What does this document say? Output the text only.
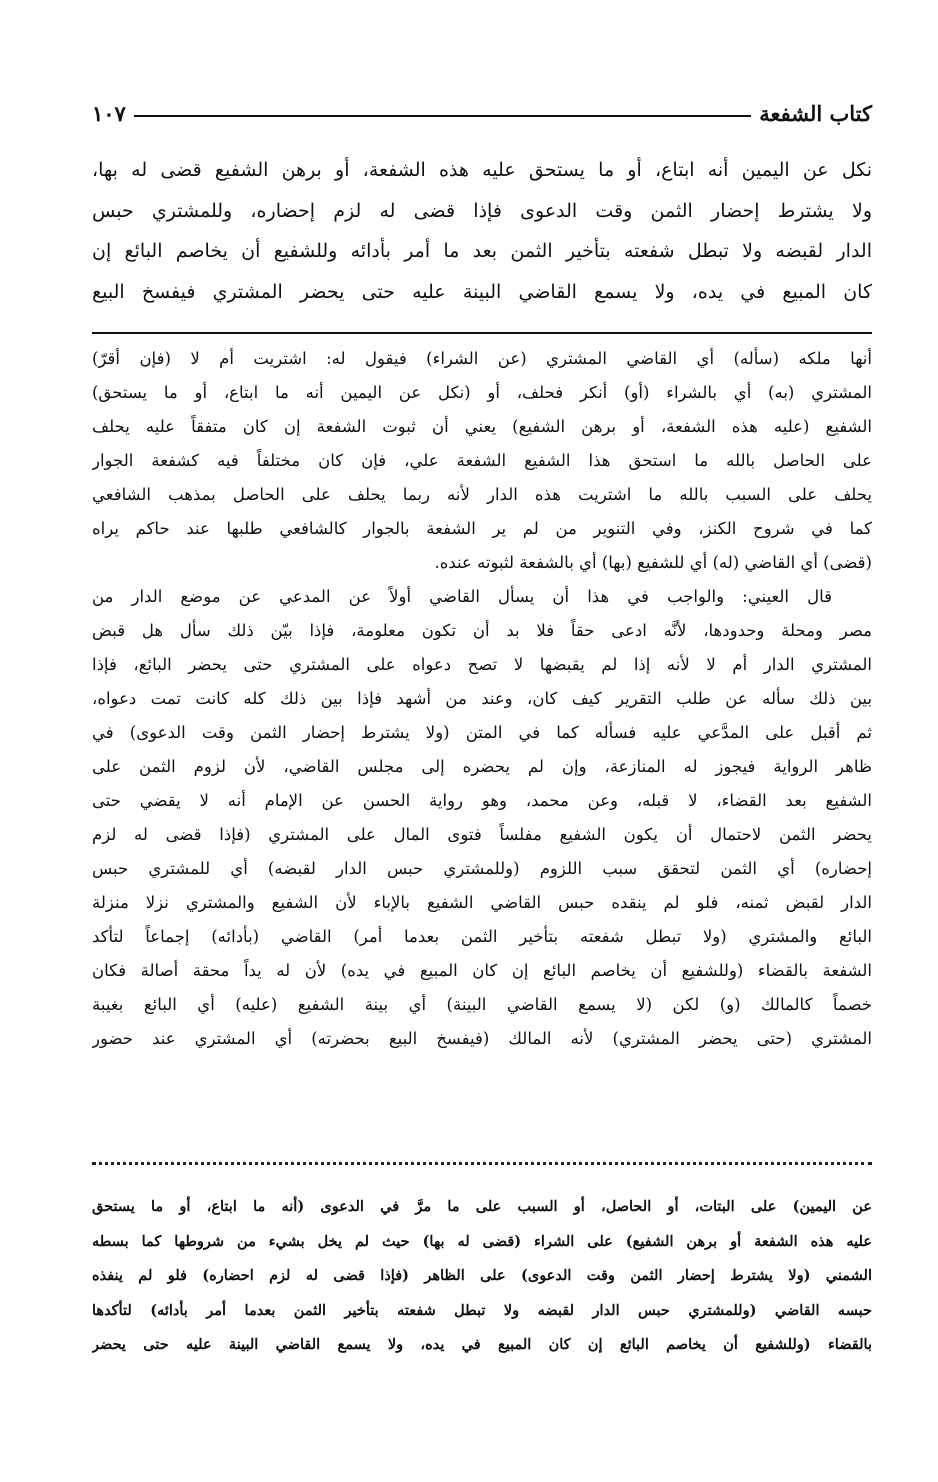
كتاب الشفعة
١٠٧
نكل عن اليمين أنه ابتاع، أو ما يستحق عليه هذه الشفعة، أو برهن الشفيع قضى له بها،
ولا يشترط إحضار الثمن وقت الدعوى فإذا قضى له لزم إحضاره، وللمشتري حبس
الدار لقبضه ولا تبطل شفعته بتأخير الثمن بعد ما أمر بأدائه وللشفيع أن يخاصم البائع إن
كان المبيع في يده، ولا يسمع القاضي البينة عليه حتى يحضر المشتري فيفسخ البيع
أنها ملكه (سأله) أي القاضي المشتري (عن الشراء) فيقول له: اشتريت أم لا (فإن أقرّ)
المشتري (به) أي بالشراء (أو) أنكر فحلف، أو (نكل عن اليمين أنه ما ابتاع، أو ما يستحق)
الشفيع (عليه هذه الشفعة، أو برهن الشفيع) يعني أن ثبوت الشفعة إن كان متفقاً عليه يحلف
على الحاصل بالله ما استحق هذا الشفيع الشفعة علي، فإن كان مختلفاً فيه كشفعة الجوار
يحلف على السبب بالله ما اشتريت هذه الدار لأنه ربما يحلف على الحاصل بمذهب الشافعي
كما في شروح الكنز، وفي التنوير من لم ير الشفعة بالجوار كالشافعي طلبها عند حاكم يراه
(قضى) أي القاضي (له) أي للشفيع (بها) أي بالشفعة لثبوته عنده.
قال العيني: والواجب في هذا أن يسأل القاضي أولاً عن المدعي عن موضع الدار من
مصر ومحلة وحدودها، لأنَّه ادعى حقاً فلا بد أن تكون معلومة، فإذا بيّن ذلك سأل هل قبض
المشتري الدار أم لا لأنه إذا لم يقبضها لا تصح دعواه على المشتري حتى يحضر البائع، فإذا
بين ذلك سأله عن طلب التقرير كيف كان، وعند من أشهد فإذا بين ذلك كله كانت تمت دعواه،
ثم أقبل على المدَّعي عليه فسأله كما في المتن (ولا يشترط إحضار الثمن وقت الدعوى) في
ظاهر الرواية فيجوز له المنازعة، وإن لم يحضره إلى مجلس القاضي، لأن لزوم الثمن على
الشفيع بعد القضاء، لا قبله، وعن محمد، وهو رواية الحسن عن الإمام أنه لا يقضي حتى
يحضر الثمن لاحتمال أن يكون الشفيع مفلساً فتوى المال على المشتري (فإذا قضى له لزم
إحضاره) أي الثمن لتحقق سبب اللزوم (وللمشتري حبس الدار لقبضه) أي للمشتري حبس
الدار لقبض ثمنه، فلو لم ينقده حبس القاضي الشفيع بالإباء لأن الشفيع والمشتري نزلا منزلة
البائع والمشتري (ولا تبطل شفعته بتأخير الثمن بعدما أمر) القاضي (بأدائه) إجماعاً لتأكد
الشفعة بالقضاء (وللشفيع أن يخاصم البائع إن كان المبيع في يده) لأن له يداً محقة أصالة فكان
خصماً كالمالك (و) لكن (لا يسمع القاضي البينة) أي بينة الشفيع (عليه) أي البائع بغيبة
المشتري (حتى يحضر المشتري) لأنه المالك (فيفسخ البيع بحضرته) أي المشتري عند حضور
عن اليمين) على البتات، أو الحاصل، أو السبب على ما مرَّ في الدعوى (أنه ما ابتاع، أو ما يستحق
عليه هذه الشفعة أو برهن الشفيع) على الشراء (قضى له بها) حيث لم يخل بشيء من شروطها كما بسطه
الشمني (ولا يشترط إحضار الثمن وقت الدعوى) على الظاهر (فإذا قضى له لزم احضاره) فلو لم ينفذه
حبسه القاضي (وللمشتري حبس الدار لقبضه ولا تبطل شفعته بتأخير الثمن بعدما أمر بأدائه) لتأكدها
بالقضاء (وللشفيع أن يخاصم البائع إن كان المبيع في يده، ولا يسمع القاضي البينة عليه حتى يحضر
